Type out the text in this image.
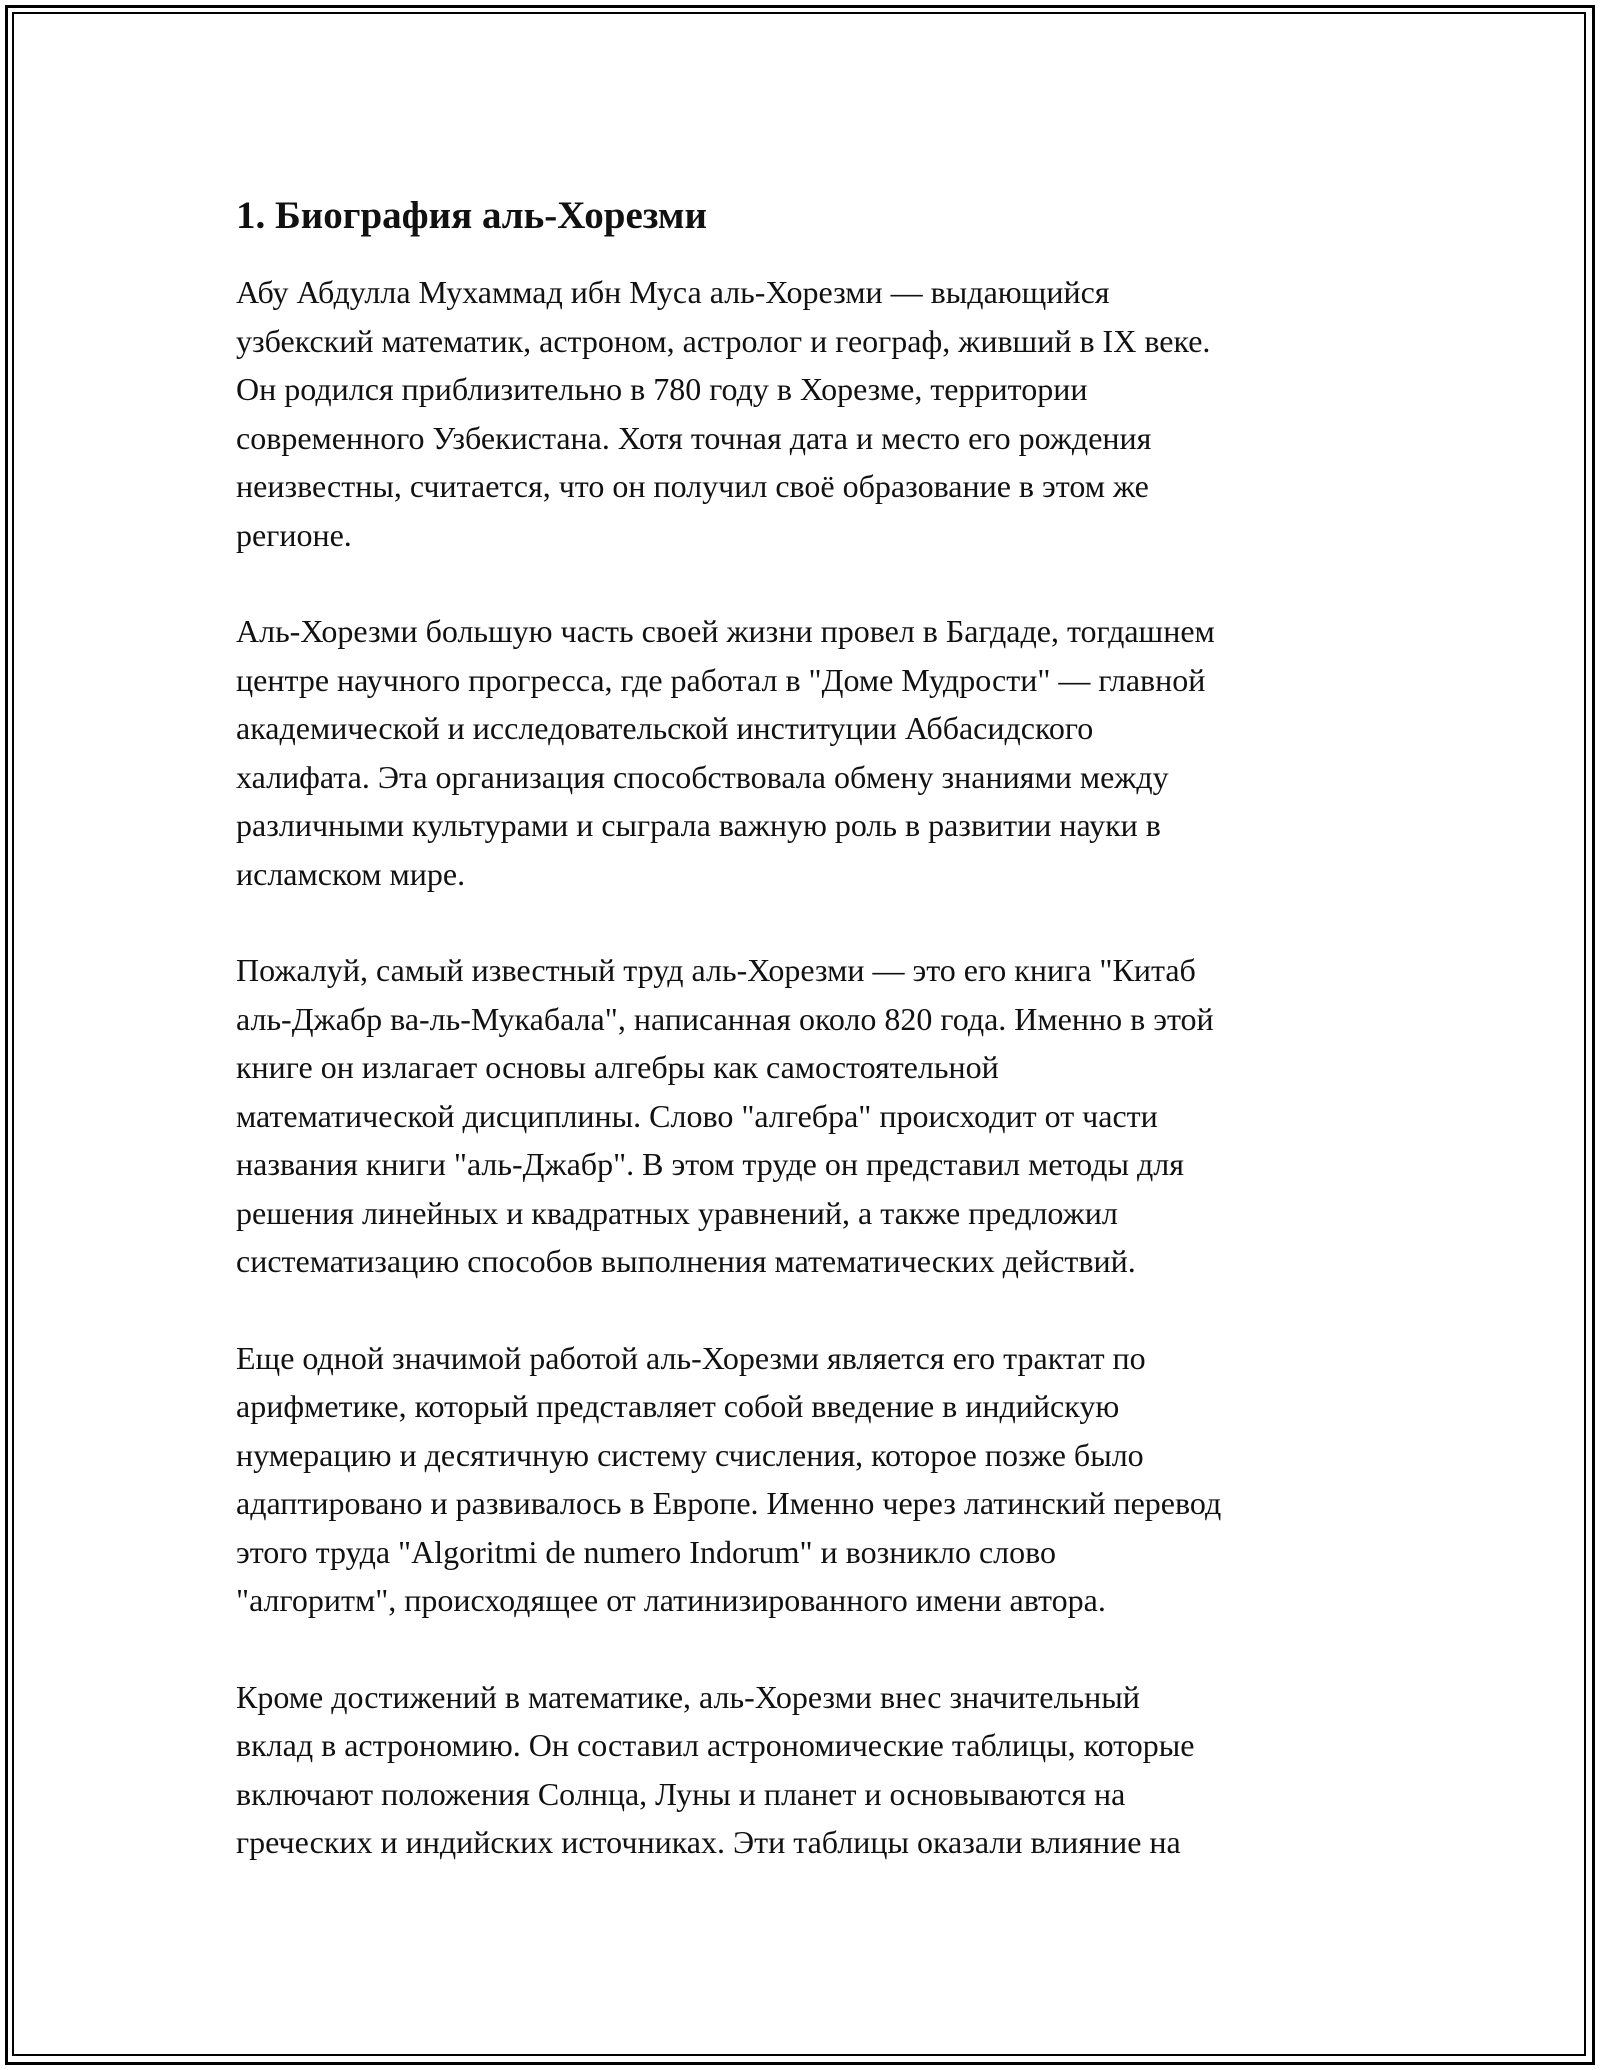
1. Биография аль-Хорезми

Абу Абдулла Мухаммад ибн Муса аль-Хорезми — выдающийся
узбекский математик, астроном, астролог и географ, живший в IX веке.
Он родился приблизительно в 780 году в Хорезме, территории
современного Узбекистана. Хотя точная дата и место его рождения
неизвестны, считается, что он получил своё образование в этом же
регионе.

Аль-Хорезми большую часть своей жизни провел в Багдаде, тогдашнем
центре научного прогресса, где работал в "Доме Мудрости" — главной
академической и исследовательской институции Аббасидского
халифата. Эта организация способствовала обмену знаниями между
различными культурами и сыграла важную роль в развитии науки в
исламском мире.

Пожалуй, самый известный труд аль-Хорезми — это его книга "Китаб
аль-Джабр ва-ль-Мукабала", написанная около 820 года. Именно в этой
книге он излагает основы алгебры как самостоятельной
математической дисциплины. Слово "алгебра" происходит от части
названия книги "аль-Джабр". В этом труде он представил методы для
решения линейных и квадратных уравнений, а также предложил
систематизацию способов выполнения математических действий.

Еще одной значимой работой аль-Хорезми является его трактат по
арифметике, который представляет собой введение в индийскую
нумерацию и десятичную систему счисления, которое позже было
адаптировано и развивалось в Европе. Именно через латинский перевод
этого труда "Algoritmi de numero Indorum" и возникло слово
"алгоритм", происходящее от латинизированного имени автора.

Кроме достижений в математике, аль-Хорезми внес значительный
вклад в астрономию. Он составил астрономические таблицы, которые
включают положения Солнца, Луны и планет и основываются на
греческих и индийских источниках. Эти таблицы оказали влияние на
